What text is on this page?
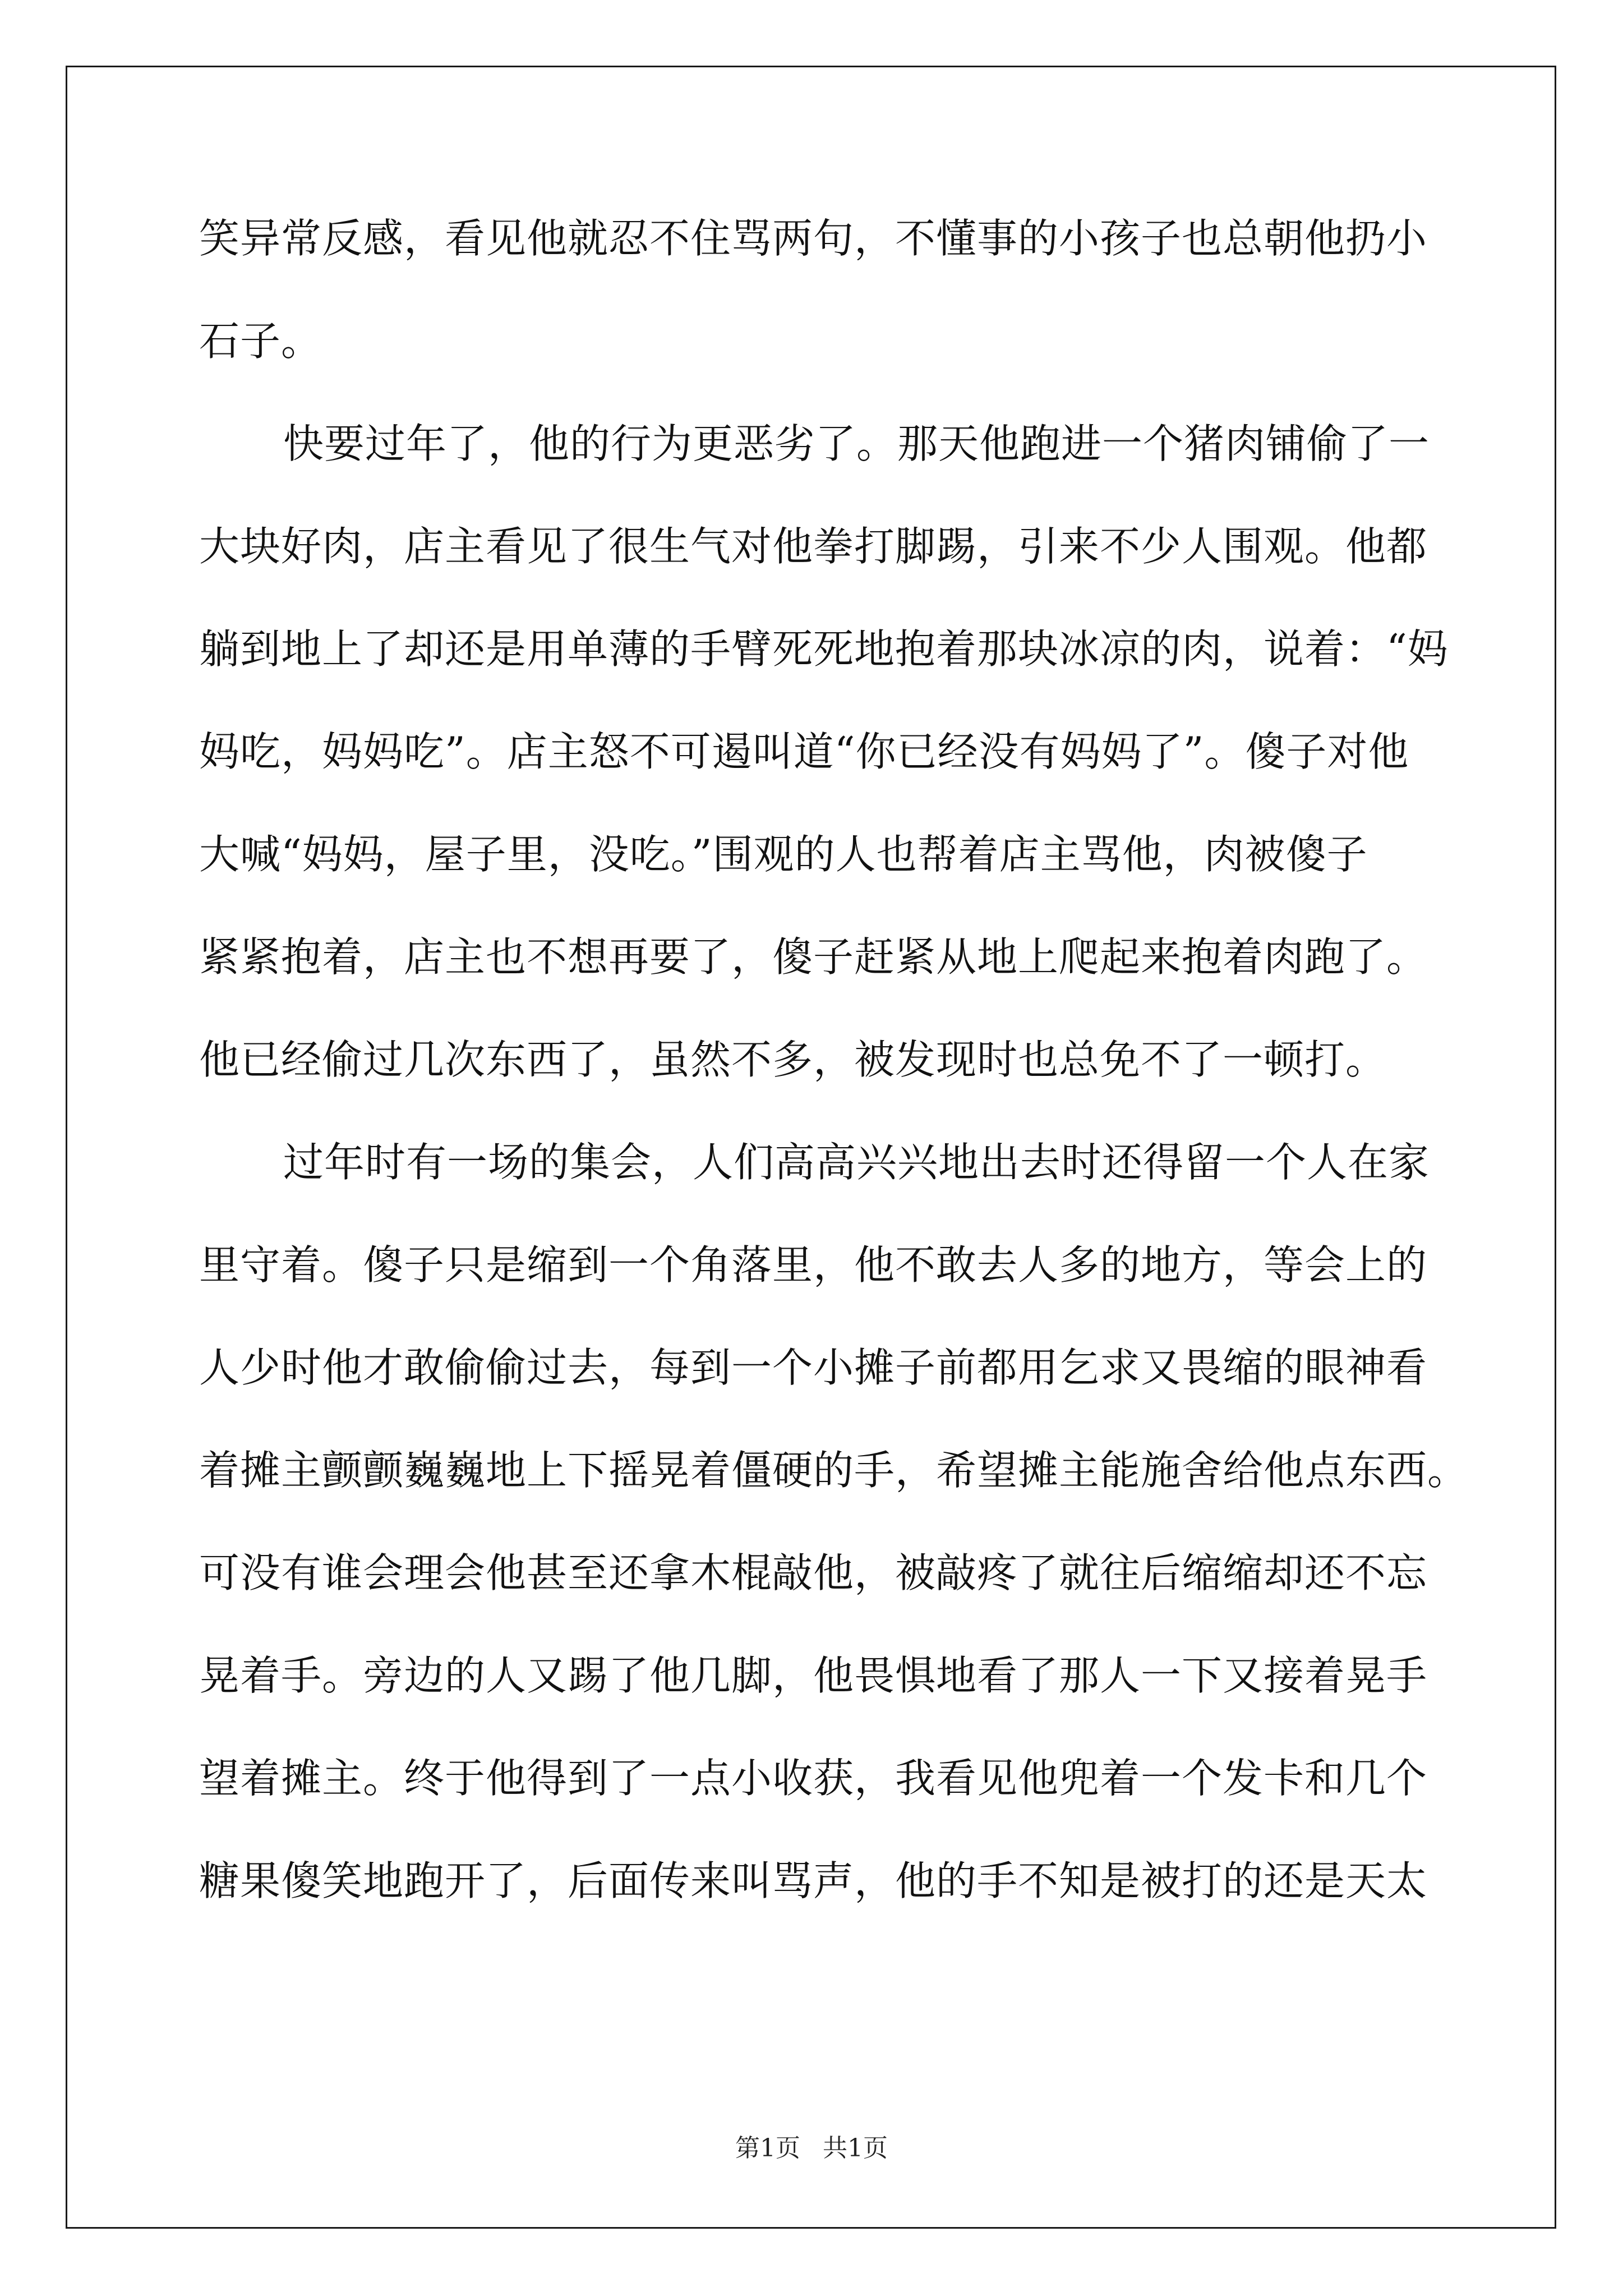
笑异常反感，看见他就忍不住骂两句，不懂事的小孩子也总朝他扔小
石子。
快要过年了，他的行为更恶劣了。那天他跑进一个猪肉铺偷了一
大块好肉，店主看见了很生气对他拳打脚踢，引来不少人围观。他都
躺到地上了却还是用单薄的手臂死死地抱着那块冰凉的肉，说着：“妈
妈吃，妈妈吃”。店主怒不可遏叫道“你已经没有妈妈了”。傻子对他
大喊“妈妈，屋子里，没吃。”围观的人也帮着店主骂他，肉被傻子
紧紧抱着，店主也不想再要了，傻子赶紧从地上爬起来抱着肉跑了。
他已经偷过几次东西了，虽然不多，被发现时也总免不了一顿打。
过年时有一场的集会，人们高高兴兴地出去时还得留一个人在家
里守着。傻子只是缩到一个角落里，他不敢去人多的地方，等会上的
人少时他才敢偷偷过去，每到一个小摊子前都用乞求又畏缩的眼神看
着摊主颤颤巍巍地上下摇晃着僵硬的手，希望摊主能施舍给他点东西。
可没有谁会理会他甚至还拿木棍敲他，被敲疼了就往后缩缩却还不忘
晃着手。旁边的人又踢了他几脚，他畏惧地看了那人一下又接着晃手
望着摊主。终于他得到了一点小收获，我看见他兜着一个发卡和几个
糖果傻笑地跑开了，后面传来叫骂声，他的手不知是被打的还是天太
第1页 共1页
